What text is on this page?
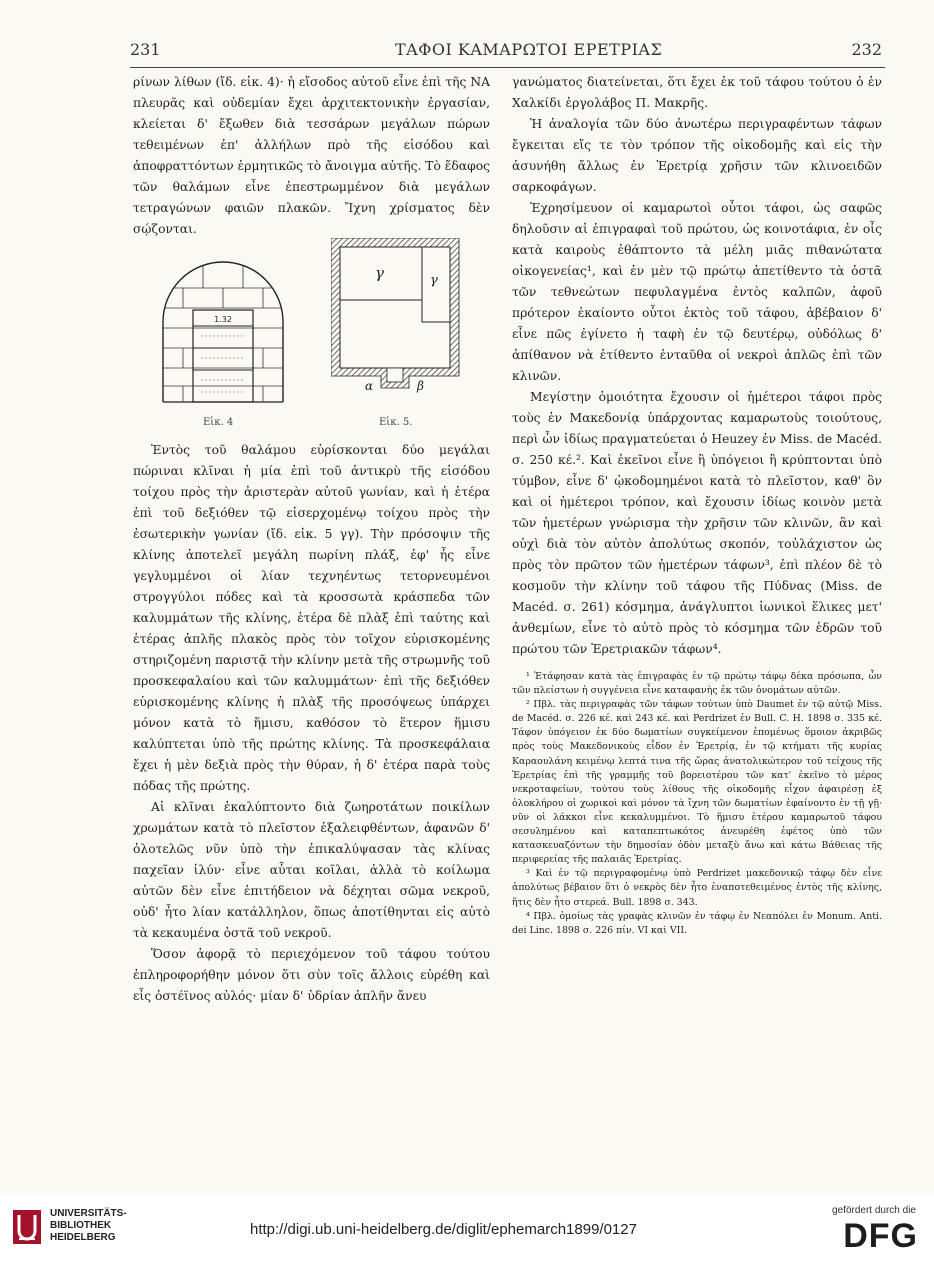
231	ΤΑΦΟΙ ΚΑΜΑΡΩΤΟΙ ΕΡΕΤΡΙΑΣ	232

ρίνων λίθων (ἴδ. εἰκ. 4)· ἡ εἴσοδος αὐτοῦ εἶνε ἐπὶ τῆς ΝΑ πλευρᾶς καὶ οὐδεμίαν ἔχει ἀρχιτεκτονικὴν ἐργασίαν, κλείεται δ' ἔξωθεν διὰ τεσσάρων μεγάλων πώρων τεθειμένων ἐπ' ἀλλήλων πρὸ τῆς εἰσόδου καὶ ἀποφραττόντων ἑρμητικῶς τὸ ἄνοιγμα αὐτῆς. Τὸ ἔδαφος τῶν θαλάμων εἶνε ἐπεστρωμμένον διὰ μεγάλων τετραγώνων φαιῶν πλακῶν. Ἴχνη χρίσματος δὲν σῴζονται.

1.32
γ	γ
α	β
Εἰκ. 4	Εἰκ. 5.

Ἐντὸς τοῦ θαλάμου εὑρίσκονται δύο μεγάλαι πώριναι κλῖναι ἡ μία ἐπὶ τοῦ ἀντικρὺ τῆς εἰσόδου τοίχου πρὸς τὴν ἀριστερὰν αὐτοῦ γωνίαν, καὶ ἡ ἑτέρα ἐπὶ τοῦ δεξιόθεν τῷ εἰσερχομένῳ τοίχου πρὸς τὴν ἐσωτερικὴν γωνίαν (ἴδ. εἰκ. 5 γγ). Τὴν πρόσοψιν τῆς κλίνης ἀποτελεῖ μεγάλη πωρίνη πλάξ, ἐφ' ἧς εἶνε γεγλυμμένοι οἱ λίαν τεχνηέντως τετορνευμένοι στρογγύλοι πόδες καὶ τὰ κροσσωτὰ κράσπεδα τῶν καλυμμάτων τῆς κλίνης, ἑτέρα δὲ πλὰξ ἐπὶ ταύτης καὶ ἑτέρας ἁπλῆς πλακὸς πρὸς τὸν τοῖχον εὑρισκομένης στηριζομένη παριστᾷ τὴν κλίνην μετὰ τῆς στρωμνῆς τοῦ προσκεφαλαίου καὶ τῶν καλυμμάτων· ἐπὶ τῆς δεξιόθεν εὑρισκομένης κλίνης ἡ πλὰξ τῆς προσόψεως ὑπάρχει μόνον κατὰ τὸ ἥμισυ, καθόσον τὸ ἕτερον ἥμισυ καλύπτεται ὑπὸ τῆς πρώτης κλίνης. Τὰ προσκεφάλαια ἔχει ἡ μὲν δεξιὰ πρὸς τὴν θύραν, ἡ δ' ἑτέρα παρὰ τοὺς πόδας τῆς πρώτης.

Αἱ κλῖναι ἐκαλύπτοντο διὰ ζωηροτάτων ποικίλων χρωμάτων κατὰ τὸ πλεῖστον ἐξαλειφθέντων, ἀφανῶν δ' ὁλοτελῶς νῦν ὑπὸ τὴν ἐπικαλύψασαν τὰς κλίνας παχεῖαν ἰλύν· εἶνε αὗται κοῖλαι, ἀλλὰ τὸ κοίλωμα αὐτῶν δὲν εἶνε ἐπιτήδειον νὰ δέχηται σῶμα νεκροῦ, οὐδ' ἦτο λίαν κατάλληλον, ὅπως ἀποτίθηνται εἰς αὐτὸ τὰ κεκαυμένα ὀστᾶ τοῦ νεκροῦ.

Ὅσον ἀφορᾷ τὸ περιεχόμενον τοῦ τάφου τούτου ἐπληροφορήθην μόνον ὅτι σὺν τοῖς ἄλλοις εὑρέθη καὶ εἷς ὀστέϊνος αὐλός· μίαν δ' ὑδρίαν ἁπλῆν ἄνευ

γανώματος διατείνεται, ὅτι ἔχει ἐκ τοῦ τάφου τούτου ὁ ἐν Χαλκίδι ἐργολάβος Π. Μακρῆς.

Ἡ ἀναλογία τῶν δύο ἀνωτέρω περιγραφέντων τάφων ἔγκειται εἴς τε τὸν τρόπον τῆς οἰκοδομῆς καὶ εἰς τὴν ἀσυνήθη ἄλλως ἐν Ἐρετρίᾳ χρῆσιν τῶν κλινοειδῶν σαρκοφάγων.

Ἐχρησίμευον οἱ καμαρωτοὶ οὗτοι τάφοι, ὡς σαφῶς δηλοῦσιν αἱ ἐπιγραφαὶ τοῦ πρώτου, ὡς κοινοτάφια, ἐν οἷς κατὰ καιροὺς ἐθάπτοντο τὰ μέλη μιᾶς πιθανώτατα οἰκογενείας¹, καὶ ἐν μὲν τῷ πρώτῳ ἀπετίθεντο τὰ ὀστᾶ τῶν τεθνεώτων πεφυλαγμένα ἐντὸς καλπῶν, ἀφοῦ πρότερον ἐκαίοντο οὗτοι ἐκτὸς τοῦ τάφου, ἀβέβαιον δ' εἶνε πῶς ἐγίνετο ἡ ταφὴ ἐν τῷ δευτέρῳ, οὐδόλως δ' ἀπίθανον νὰ ἐτίθεντο ἐνταῦθα οἱ νεκροὶ ἁπλῶς ἐπὶ τῶν κλινῶν.

Μεγίστην ὁμοιότητα ἔχουσιν οἱ ἡμέτεροι τάφοι πρὸς τοὺς ἐν Μακεδονίᾳ ὑπάρχοντας καμαρωτοὺς τοιούτους, περὶ ὧν ἰδίως πραγματεύεται ὁ Heuzey ἐν Miss. de Macéd. σ. 250 κέ.². Καὶ ἐκεῖνοι εἶνε ἢ ὑπόγειοι ἢ κρύπτονται ὑπὸ τύμβον, εἶνε δ' ᾠκοδομημένοι κατὰ τὸ πλεῖστον, καθ' ὃν καὶ οἱ ἡμέτεροι τρόπον, καὶ ἔχουσιν ἰδίως κοινὸν μετὰ τῶν ἡμετέρων γνώρισμα τὴν χρῆσιν τῶν κλινῶν, ἂν καὶ οὐχὶ διὰ τὸν αὐτὸν ἀπολύτως σκοπόν, τοὐλάχιστον ὡς πρὸς τὸν πρῶτον τῶν ἡμετέρων τάφων³, ἐπὶ πλέον δὲ τὸ κοσμοῦν τὴν κλίνην τοῦ τάφου τῆς Πύδνας (Miss. de Macéd. σ. 261) κόσμημα, ἀνάγλυπτοι ἰωνικοὶ ἕλικες μετ' ἀνθεμίων, εἶνε τὸ αὐτὸ πρὸς τὸ κόσμημα τῶν ἑδρῶν τοῦ πρώτου τῶν Ἐρετριακῶν τάφων⁴.

¹ Ἐτάφησαν κατὰ τὰς ἐπιγραφὰς ἐν τῷ πρώτῳ τάφῳ δέκα πρόσωπα, ὧν τῶν πλείστων ἡ συγγένεια εἶνε καταφανὴς ἐκ τῶν ὀνομάτων αὐτῶν.

² Πβλ. τὰς περιγραφὰς τῶν τάφων τούτων ὑπὸ Daumet ἐν τῷ αὐτῷ Miss. de Macéd. σ. 226 κέ. καὶ 243 κέ. καὶ Perdrizet ἐν Bull. C. H. 1898 σ. 335 κέ. Τάφον ὑπόγειον ἐκ δύο δωματίων συγκείμενον ἑπομένως ὅμοιον ἀκριβῶς πρὸς τοὺς Μακεδονικοὺς εἶδον ἐν Ἐρετρίᾳ, ἐν τῷ κτήματι τῆς κυρίας Καραουλάνη κειμένῳ λεπτά τινα τῆς ὥρας ἀνατολικώτερον τοῦ τείχους τῆς Ἐρετρίας ἐπὶ τῆς γραμμῆς τοῦ βορειοτέρου τῶν κατ' ἐκεῖνο τὸ μέρος νεκροταφείων, τούτου τοὺς λίθους τῆς οἰκοδομῆς εἶχον ἀφαιρέσῃ ἐξ ὁλοκλήρου οἱ χωρικοὶ καὶ μόνον τὰ ἴχνη τῶν δωματίων ἐφαίνοντο ἐν τῇ γῇ· νῦν οἱ λάκκοι εἶνε κεκαλυμμένοι. Τὸ ἥμισυ ἑτέρου καμαρωτοῦ τάφου σεσυλημένου καὶ καταπεπτωκότος ἀνευρέθη ἐφέτος ὑπὸ τῶν κατασκευαζόντων τὴν δημοσίαν ὁδὸν μεταξὺ ἄνω καὶ κάτω Βάθειας τῆς περιφερείας τῆς παλαιᾶς Ἐρετρίας.

³ Καὶ ἐν τῷ περιγραφομένῳ ὑπὸ Perdrizet μακεδονικῷ τάφῳ δὲν εἶνε ἀπολύτως βέβαιον ὅτι ὁ νεκρὸς δὲν ἦτο ἐναποτεθειμένος ἐντὸς τῆς κλίνης, ἥτις δὲν ἦτο στερεά. Bull. 1898 σ. 343.

⁴ Πβλ. ὁμοίως τὰς γραφὰς κλινῶν ἐν τάφῳ ἐν Νεαπόλει ἐν Monum. Anti. dei Linc. 1898 σ. 226 πίν. VI καὶ VII.

UNIVERSITÄTS-
BIBLIOTHEK
HEIDELBERG	http://digi.ub.uni-heidelberg.de/diglit/ephemarch1899/0127
gefördert durch die
DFG
